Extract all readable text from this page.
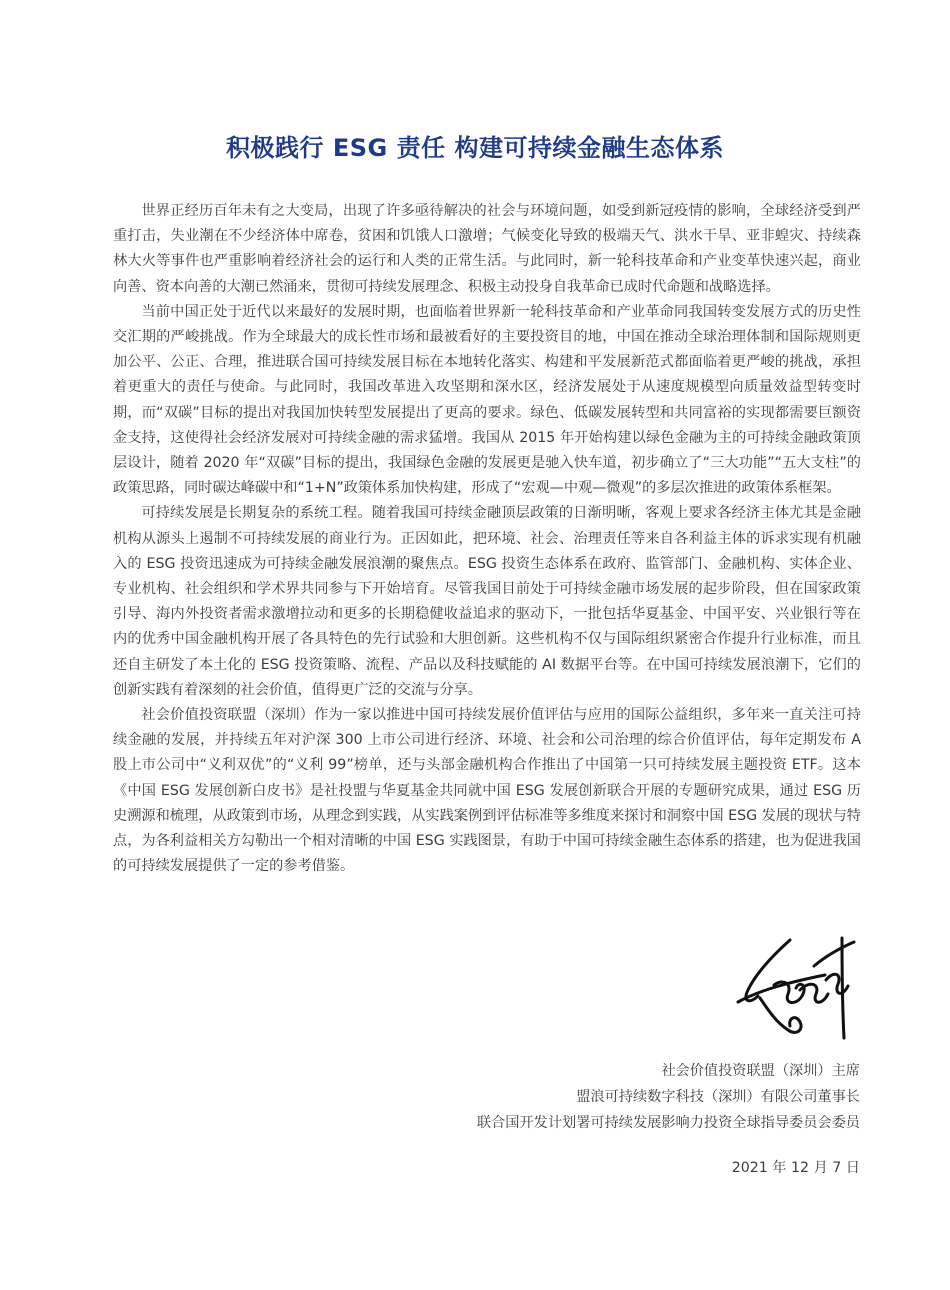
积极践行 ESG 责任 构建可持续金融生态体系

世界正经历百年未有之大变局，出现了许多亟待解决的社会与环境问题，如受到新冠疫情的影响，全球经济受到严重打击，失业潮在不少经济体中席卷，贫困和饥饿人口激增；气候变化导致的极端天气、洪水干旱、亚非蝗灾、持续森林大火等事件也严重影响着经济社会的运行和人类的正常生活。与此同时，新一轮科技革命和产业变革快速兴起，商业向善、资本向善的大潮已然涌来，贯彻可持续发展理念、积极主动投身自我革命已成时代命题和战略选择。

当前中国正处于近代以来最好的发展时期，也面临着世界新一轮科技革命和产业革命同我国转变发展方式的历史性交汇期的严峻挑战。作为全球最大的成长性市场和最被看好的主要投资目的地，中国在推动全球治理体制和国际规则更加公平、公正、合理，推进联合国可持续发展目标在本地转化落实、构建和平发展新范式都面临着更严峻的挑战，承担着更重大的责任与使命。与此同时，我国改革进入攻坚期和深水区，经济发展处于从速度规模型向质量效益型转变时期，而“双碳”目标的提出对我国加快转型发展提出了更高的要求。绿色、低碳发展转型和共同富裕的实现都需要巨额资金支持，这使得社会经济发展对可持续金融的需求猛增。我国从 2015 年开始构建以绿色金融为主的可持续金融政策顶层设计，随着 2020 年“双碳”目标的提出，我国绿色金融的发展更是驰入快车道，初步确立了“三大功能”“五大支柱”的政策思路，同时碳达峰碳中和“1+N”政策体系加快构建，形成了“宏观—中观—微观”的多层次推进的政策体系框架。

可持续发展是长期复杂的系统工程。随着我国可持续金融顶层政策的日渐明晰，客观上要求各经济主体尤其是金融机构从源头上遏制不可持续发展的商业行为。正因如此，把环境、社会、治理责任等来自各利益主体的诉求实现有机融入的 ESG 投资迅速成为可持续金融发展浪潮的聚焦点。ESG 投资生态体系在政府、监管部门、金融机构、实体企业、专业机构、社会组织和学术界共同参与下开始培育。尽管我国目前处于可持续金融市场发展的起步阶段，但在国家政策引导、海内外投资者需求激增拉动和更多的长期稳健收益追求的驱动下，一批包括华夏基金、中国平安、兴业银行等在内的优秀中国金融机构开展了各具特色的先行试验和大胆创新。这些机构不仅与国际组织紧密合作提升行业标准，而且还自主研发了本土化的 ESG 投资策略、流程、产品以及科技赋能的 AI 数据平台等。在中国可持续发展浪潮下，它们的创新实践有着深刻的社会价值，值得更广泛的交流与分享。

社会价值投资联盟（深圳）作为一家以推进中国可持续发展价值评估与应用的国际公益组织，多年来一直关注可持续金融的发展，并持续五年对沪深 300 上市公司进行经济、环境、社会和公司治理的综合价值评估，每年定期发布 A 股上市公司中“义利双优”的“义利 99”榜单，还与头部金融机构合作推出了中国第一只可持续发展主题投资 ETF。这本《中国 ESG 发展创新白皮书》是社投盟与华夏基金共同就中国 ESG 发展创新联合开展的专题研究成果，通过 ESG 历史溯源和梳理，从政策到市场，从理念到实践，从实践案例到评估标准等多维度来探讨和洞察中国 ESG 发展的现状与特点，为各利益相关方勾勒出一个相对清晰的中国 ESG 实践图景，有助于中国可持续金融生态体系的搭建，也为促进我国的可持续发展提供了一定的参考借鉴。

社会价值投资联盟（深圳）主席
盟浪可持续数字科技（深圳）有限公司董事长
联合国开发计划署可持续发展影响力投资全球指导委员会委员
2021 年 12 月 7 日
